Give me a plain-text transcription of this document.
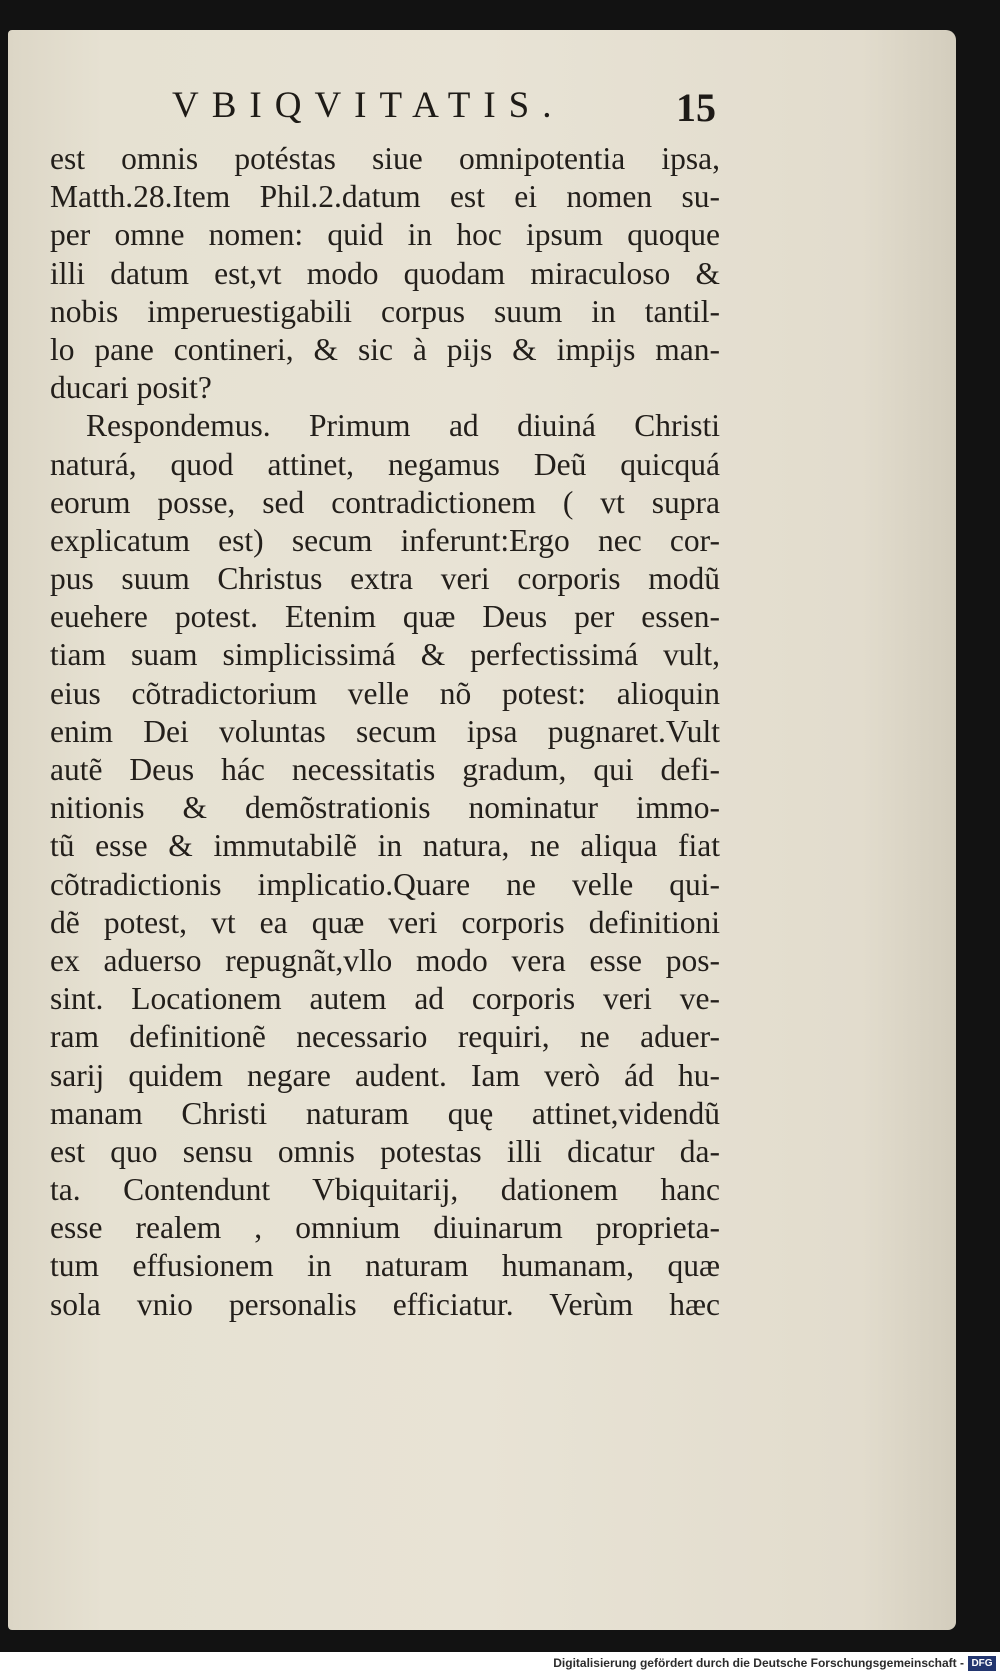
VBIQVITATIS.	15
est omnis potéstas siue omnipotentia ipsa,
Matth.28.Item Phil.2.datum est ei nomen su-
per omne nomen: quid in hoc ipsum quoque
illi datum est,vt modo quodam miraculoso &
nobis imperuestigabili corpus suum in tantil-
lo pane contineri, & sic à pijs & impijs man-
ducari posit?
Respondemus. Primum ad diuiná Christi
naturá, quod attinet, negamus Deũ quicquá
eorum posse, sed contradictionem ( vt supra
explicatum est) secum inferunt:Ergo nec cor-
pus suum Christus extra veri corporis modũ
euehere potest. Etenim quæ Deus per essen-
tiam suam simplicissimá & perfectissimá vult,
eius cõtradictorium velle nõ potest: alioquin
enim Dei voluntas secum ipsa pugnaret.Vult
autẽ Deus hác necessitatis gradum, qui defi-
nitionis & demõstrationis nominatur immo-
tũ esse & immutabilẽ in natura, ne aliqua fiat
cõtradictionis implicatio.Quare ne velle qui-
dẽ potest, vt ea quæ veri corporis definitioni
ex aduerso repugnãt,vllo modo vera esse pos-
sint. Locationem autem ad corporis veri ve-
ram definitionẽ necessario requiri, ne aduer-
sarij quidem negare audent. Iam verò ád hu-
manam Christi naturam quę attinet,videndũ
est quo sensu omnis potestas illi dicatur da-
ta. Contendunt Vbiquitarij, dationem hanc
esse realem , omnium diuinarum proprieta-
tum effusionem in naturam humanam, quæ
sola vnio personalis efficiatur. Verùm hæc
Digitalisierung gefördert durch die Deutsche Forschungsgemeinschaft - DFG
